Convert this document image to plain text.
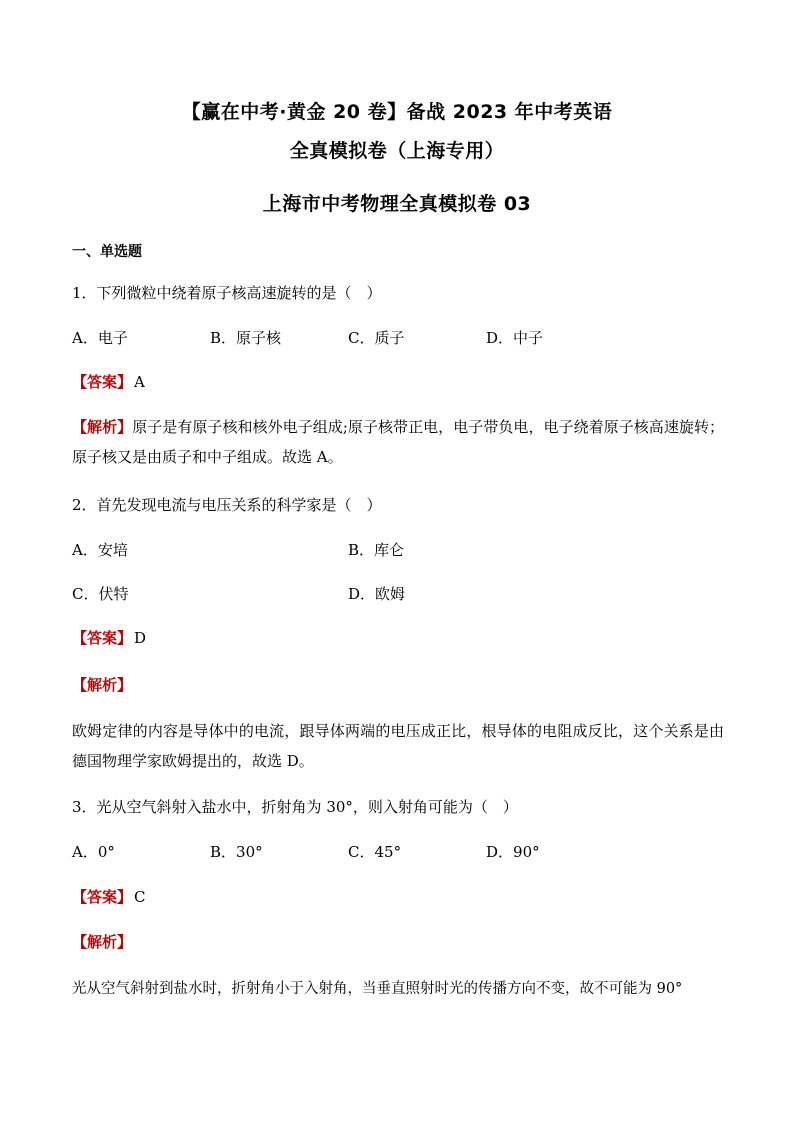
【赢在中考·黄金 20 卷】备战 2023 年中考英语
全真模拟卷（上海专用）
上海市中考物理全真模拟卷 03
一、单选题
1．下列微粒中绕着原子核高速旋转的是（　）
A．电子	B．原子核	C．质子	D．中子
【答案】 A
【解析】原子是有原子核和核外电子组成;原子核带正电，电子带负电，电子绕着原子核高速旋转；原子核又是由质子和中子组成。故选 A。
2．首先发现电流与电压关系的科学家是（　）
A．安培	B．库仑
C．伏特	D．欧姆
【答案】 D
【解析】
欧姆定律的内容是导体中的电流，跟导体两端的电压成正比，根导体的电阻成反比，这个关系是由德国物理学家欧姆提出的，故选 D。
3．光从空气斜射入盐水中，折射角为 30°，则入射角可能为（　）
A．0°	B．30°	C．45°	D．90°
【答案】 C
【解析】
光从空气斜射到盐水时，折射角小于入射角，当垂直照射时光的传播方向不变，故不可能为 90°
